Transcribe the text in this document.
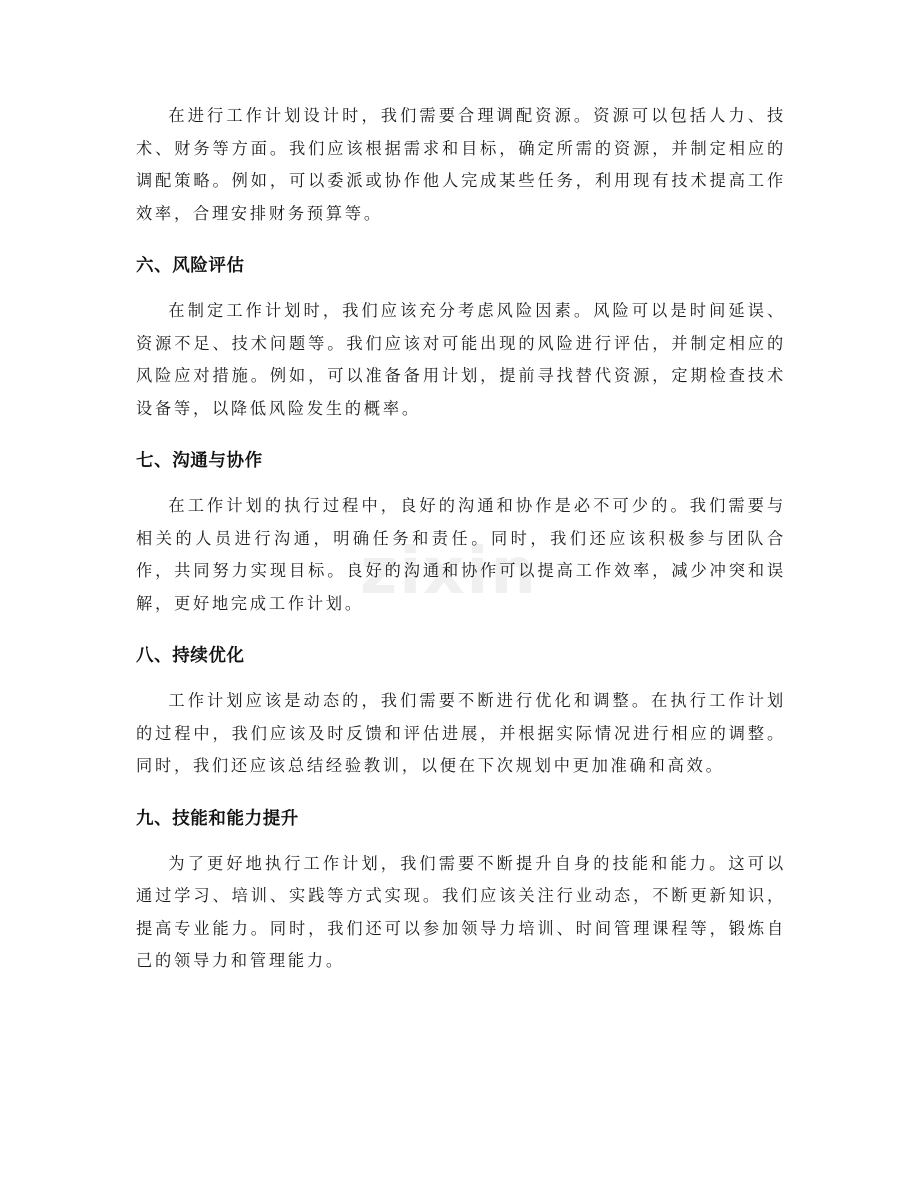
zixin

在进行工作计划设计时，我们需要合理调配资源。资源可以包括人力、技术、财务等方面。我们应该根据需求和目标，确定所需的资源，并制定相应的调配策略。例如，可以委派或协作他人完成某些任务，利用现有技术提高工作效率，合理安排财务预算等。

六、风险评估

在制定工作计划时，我们应该充分考虑风险因素。风险可以是时间延误、资源不足、技术问题等。我们应该对可能出现的风险进行评估，并制定相应的风险应对措施。例如，可以准备备用计划，提前寻找替代资源，定期检查技术设备等，以降低风险发生的概率。

七、沟通与协作

在工作计划的执行过程中，良好的沟通和协作是必不可少的。我们需要与相关的人员进行沟通，明确任务和责任。同时，我们还应该积极参与团队合作，共同努力实现目标。良好的沟通和协作可以提高工作效率，减少冲突和误解，更好地完成工作计划。

八、持续优化

工作计划应该是动态的，我们需要不断进行优化和调整。在执行工作计划的过程中，我们应该及时反馈和评估进展，并根据实际情况进行相应的调整。同时，我们还应该总结经验教训，以便在下次规划中更加准确和高效。

九、技能和能力提升

为了更好地执行工作计划，我们需要不断提升自身的技能和能力。这可以通过学习、培训、实践等方式实现。我们应该关注行业动态，不断更新知识，提高专业能力。同时，我们还可以参加领导力培训、时间管理课程等，锻炼自己的领导力和管理能力。
